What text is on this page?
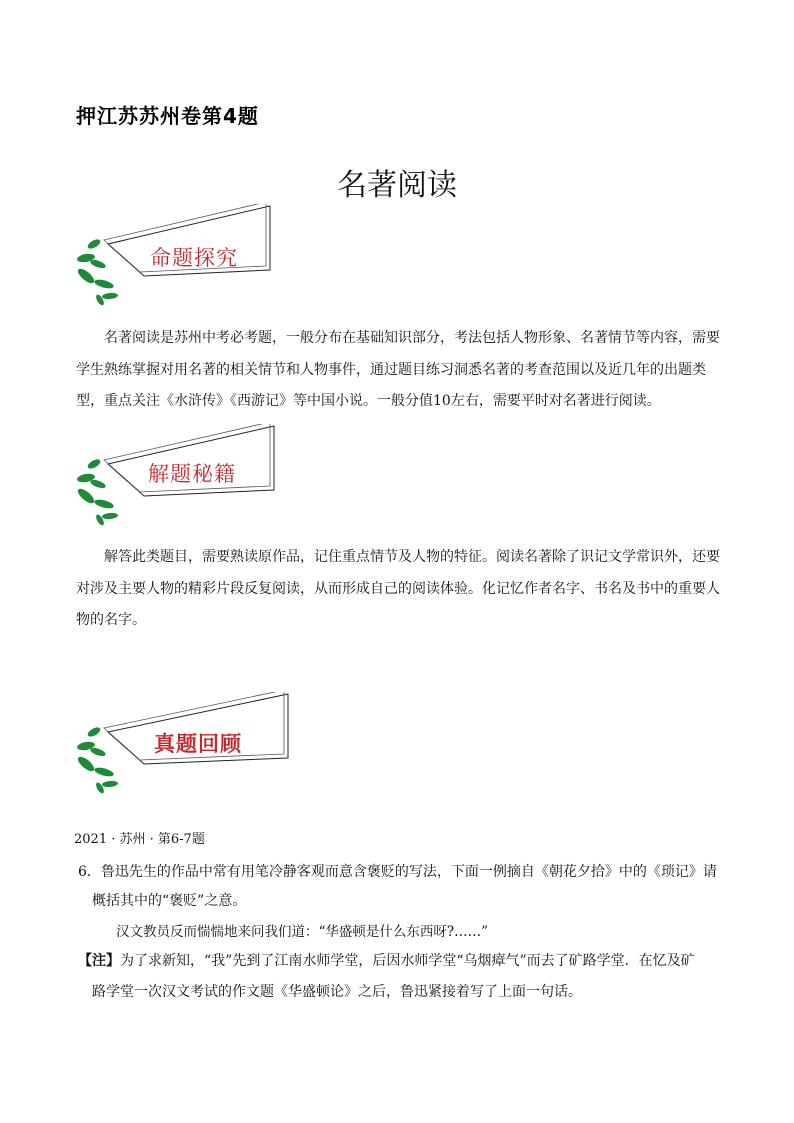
押江苏苏州卷第4题
名著阅读
命题探究

名著阅读是苏州中考必考题，一般分布在基础知识部分，考法包括人物形象、名著情节等内容，需要学生熟练掌握对用名著的相关情节和人物事件，通过题目练习洞悉名著的考查范围以及近几年的出题类型，重点关注《水浒传》《西游记》等中国小说。一般分值10左右，需要平时对名著进行阅读。

解题秘籍

解答此类题目，需要熟读原作品，记住重点情节及人物的特征。阅读名著除了识记文学常识外，还要对涉及主要人物的精彩片段反复阅读，从而形成自己的阅读体验。化记忆作者名字、书名及书中的重要人物的名字。

真题回顾
2021 · 苏州 · 第6-7题

6．鲁迅先生的作品中常有用笔冷静客观而意含褒贬的写法，下面一例摘自《朝花夕拾》中的《琐记》请

概括其中的“褒贬”之意。

汉文教员反而惴惴地来问我们道：“华盛顿是什么东西呀?……”
【注】为了求新知，“我”先到了江南水师学堂，后因水师学堂“乌烟瘴气”而去了矿路学堂．在忆及矿
路学堂一次汉文考试的作文题《华盛顿论》之后，鲁迅紧接着写了上面一句话。
